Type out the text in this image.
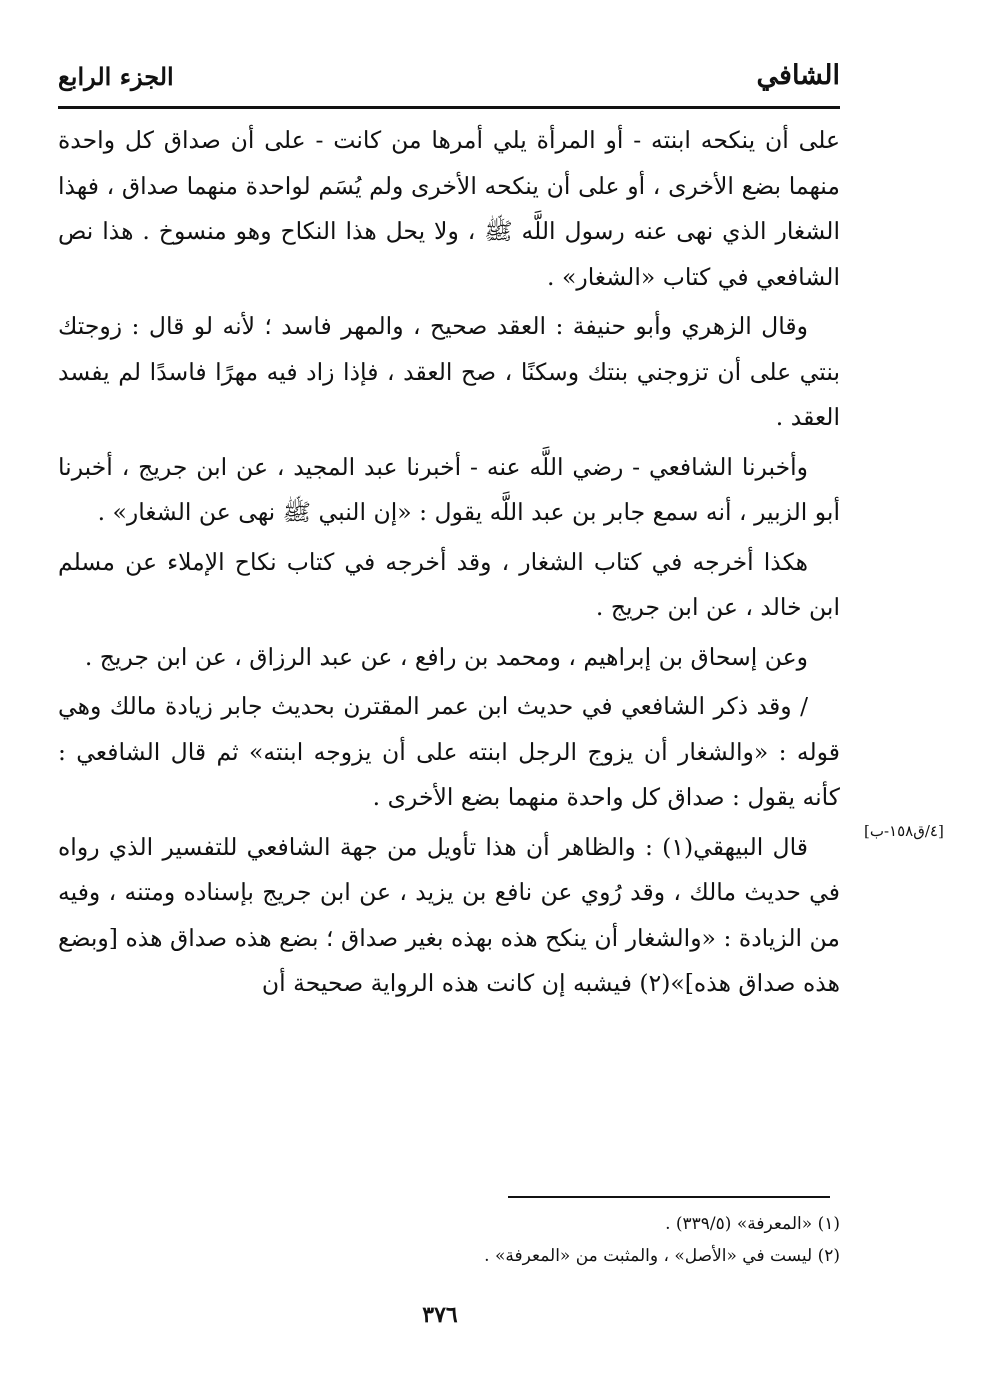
الشافي
الجزء الرابع

على أن ينكحه ابنته - أو المرأة يلي أمرها من كانت - على أن صداق كل واحدة منهما بضع الأخرى ، أو على أن ينكحه الأخرى ولم يُسَم لواحدة منهما صداق ، فهذا الشغار الذي نهى عنه رسول اللَّه ﷺ ، ولا يحل هذا النكاح وهو منسوخ . هذا نص الشافعي في كتاب «الشغار» .

وقال الزهري وأبو حنيفة : العقد صحيح ، والمهر فاسد ؛ لأنه لو قال : زوجتك بنتي على أن تزوجني بنتك وسكنًا ، صح العقد ، فإذا زاد فيه مهرًا فاسدًا لم يفسد العقد .

وأخبرنا الشافعي - رضي اللَّه عنه - أخبرنا عبد المجيد ، عن ابن جريج ، أخبرنا أبو الزبير ، أنه سمع جابر بن عبد اللَّه يقول : «إن النبي ﷺ نهى عن الشغار» .

هكذا أخرجه في كتاب الشغار ، وقد أخرجه في كتاب نكاح الإملاء عن مسلم ابن خالد ، عن ابن جريج .

وعن إسحاق بن إبراهيم ، ومحمد بن رافع ، عن عبد الرزاق ، عن ابن جريج .

/ وقد ذكر الشافعي في حديث ابن عمر المقترن بحديث جابر زيادة مالك وهي قوله : «والشغار أن يزوج الرجل ابنته على أن يزوجه ابنته» ثم قال الشافعي : كأنه يقول : صداق كل واحدة منهما بضع الأخرى .

قال البيهقي(١) : والظاهر أن هذا تأويل من جهة الشافعي للتفسير الذي رواه في حديث مالك ، وقد رُوي عن نافع بن يزيد ، عن ابن جريج بإسناده ومتنه ، وفيه من الزيادة : «والشغار أن ينكح هذه بهذه بغير صداق ؛ بضع هذه صداق هذه [وبضع هذه صداق هذه]»(٢) فيشبه إن كانت هذه الرواية صحيحة أن

[٤/ق١٥٨-ب]
(١) «المعرفة» (٣٣٩/٥) .
(٢) ليست في «الأصل» ، والمثبت من «المعرفة» .
٣٧٦
